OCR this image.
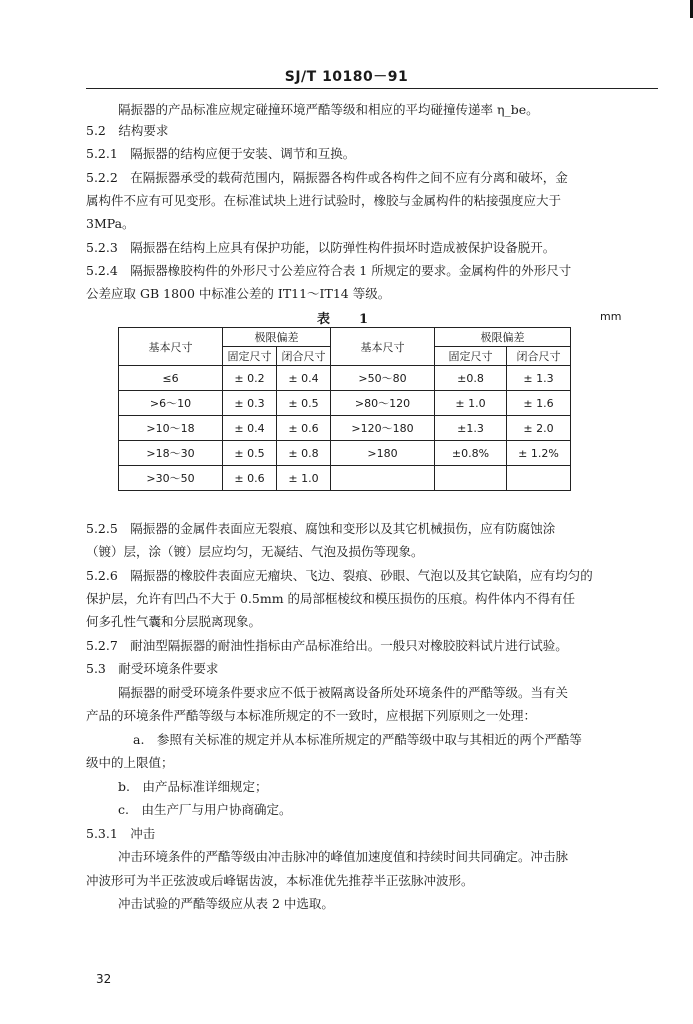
SJ/T 10180－91
隔振器的产品标准应规定碰撞环境严酷等级和相应的平均碰撞传递率 η_be。
5.2　结构要求
5.2.1　隔振器的结构应便于安装、调节和互换。
5.2.2　在隔振器承受的载荷范围内，隔振器各构件或各构件之间不应有分离和破坏，金
属构件不应有可见变形。在标准试块上进行试验时，橡胶与金属构件的粘接强度应大于
3MPa。
5.2.3　隔振器在结构上应具有保护功能，以防弹性构件损坏时造成被保护设备脱开。
5.2.4　隔振器橡胶构件的外形尺寸公差应符合表 1 所规定的要求。金属构件的外形尺寸
公差应取 GB 1800 中标准公差的 IT11～IT14 等级。
表　1	mm
基本尺寸	极限偏差		基本尺寸	极限偏差	
	固定尺寸	闭合尺寸		固定尺寸	闭合尺寸
≤6	± 0.2	± 0.4	>50～80	±0.8	± 1.3
>6～10	± 0.3	± 0.5	>80～120	± 1.0	± 1.6
>10～18	± 0.4	± 0.6	>120～180	±1.3	± 2.0
>18～30	± 0.5	± 0.8	>180	±0.8%	± 1.2%
>30～50	± 0.6	± 1.0			
5.2.5　隔振器的金属件表面应无裂痕、腐蚀和变形以及其它机械损伤，应有防腐蚀涂
（镀）层，涂（镀）层应均匀，无凝结、气泡及损伤等现象。
5.2.6　隔振器的橡胶件表面应无瘤块、飞边、裂痕、砂眼、气泡以及其它缺陷，应有均匀的
保护层，允许有凹凸不大于 0.5mm 的局部框棱纹和模压损伤的压痕。构件体内不得有任
何多孔性气囊和分层脱离现象。
5.2.7　耐油型隔振器的耐油性指标由产品标准给出。一般只对橡胶胶料试片进行试验。
5.3　耐受环境条件要求
隔振器的耐受环境条件要求应不低于被隔离设备所处环境条件的严酷等级。当有关
产品的环境条件严酷等级与本标准所规定的不一致时，应根据下列原则之一处理：
a.　参照有关标准的规定并从本标准所规定的严酷等级中取与其相近的两个严酷等
级中的上限值；
b.　由产品标准详细规定；
c.　由生产厂与用户协商确定。
5.3.1　冲击
冲击环境条件的严酷等级由冲击脉冲的峰值加速度值和持续时间共同确定。冲击脉
冲波形可为半正弦波或后峰锯齿波，本标准优先推荐半正弦脉冲波形。
冲击试验的严酷等级应从表 2 中选取。
32
